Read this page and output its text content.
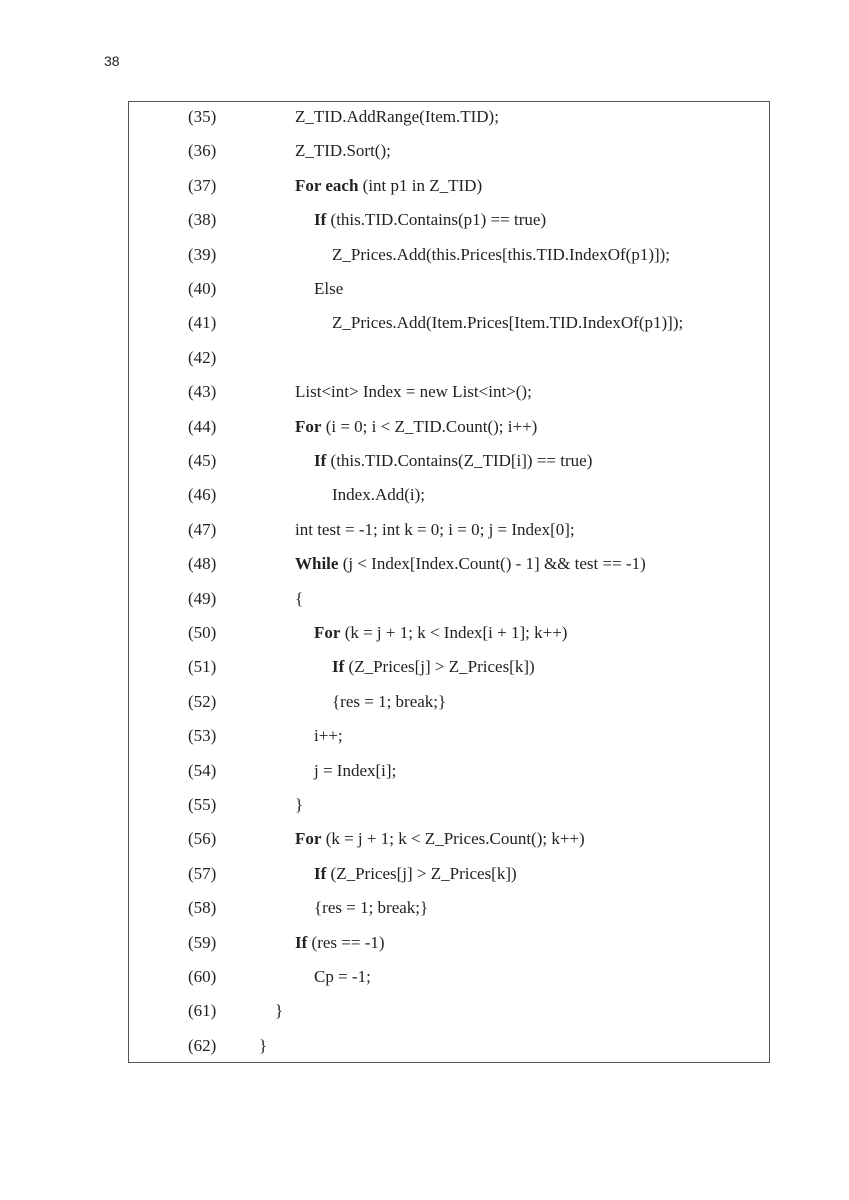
38
(35)	Z_TID.AddRange(Item.TID);
(36)	Z_TID.Sort();
(37)	For each (int p1 in Z_TID)
(38)	If (this.TID.Contains(p1) == true)
(39)	Z_Prices.Add(this.Prices[this.TID.IndexOf(p1)]);
(40)	Else
(41)	Z_Prices.Add(Item.Prices[Item.TID.IndexOf(p1)]);
(42)
(43)	List<int> Index = new List<int>();
(44)	For (i = 0; i < Z_TID.Count(); i++)
(45)	If (this.TID.Contains(Z_TID[i]) == true)
(46)	Index.Add(i);
(47)	int test = -1; int k = 0; i = 0; j = Index[0];
(48)	While (j < Index[Index.Count() - 1] && test == -1)
(49)	{
(50)	For (k = j + 1; k < Index[i + 1]; k++)
(51)	If (Z_Prices[j] > Z_Prices[k])
(52)	{res = 1; break;}
(53)	i++;
(54)	j = Index[i];
(55)	}
(56)	For (k = j + 1; k < Z_Prices.Count(); k++)
(57)	If (Z_Prices[j] > Z_Prices[k])
(58)	{res = 1; break;}
(59)	If (res == -1)
(60)	Cp = -1;
(61)	}
(62)	}
